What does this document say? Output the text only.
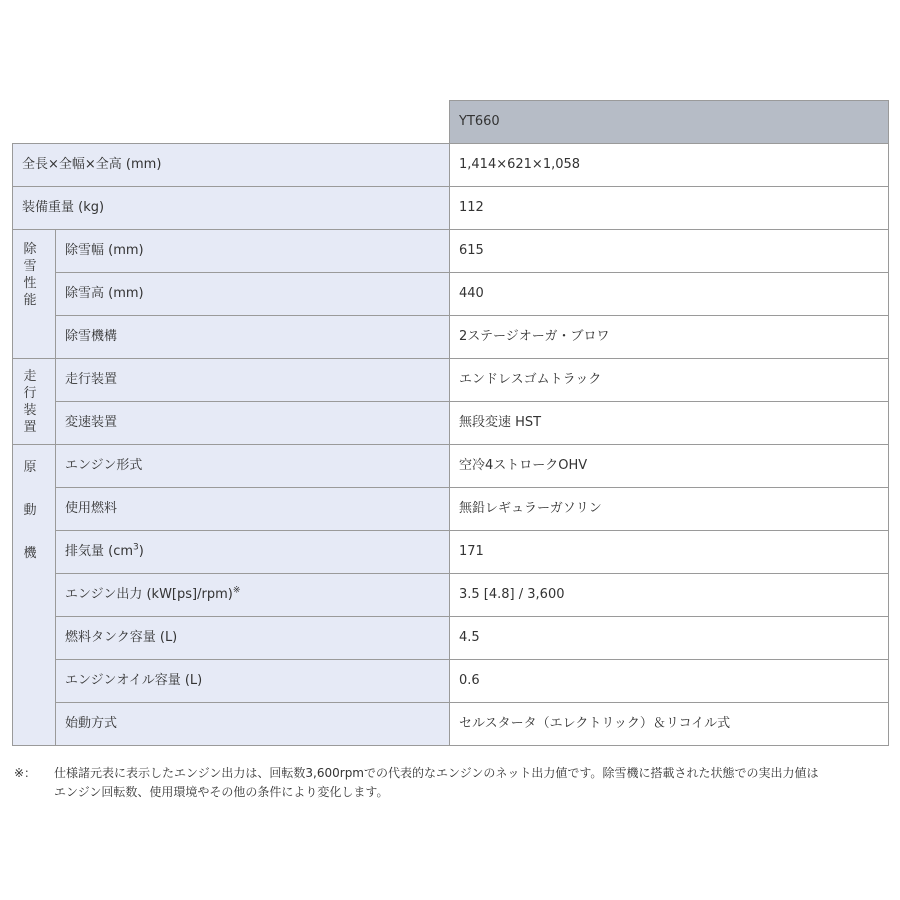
		YT660
全長×全幅×全高 (mm)		1,414×621×1,058
装備重量 (kg)		112

除
雪
性
能	除雪幅 (mm)	615
	除雪高 (mm)	440
	除雪機構	2ステージオーガ・ブロワ

走
行
装
置	走行装置	エンドレスゴムトラック
	変速装置	無段変速 HST

原
動
機	エンジン形式	空冷4ストロークOHV
	使用燃料	無鉛レギュラーガソリン
	排気量 $(cm^3)$	171
	エンジン出力 (kW[ps]/rpm)※	3.5 [4.8] / 3,600
	燃料タンク容量 (L)	4.5
	エンジンオイル容量 (L)	0.6
	始動方式	セルスタータ（エレクトリック）＆リコイル式
※： 仕様諸元表に表示したエンジン出力は、回転数3,600rpmでの代表的なエンジンのネット出力値です。除雪機に搭載された状態での実出力値は
エンジン回転数、使用環境やその他の条件により変化します。
